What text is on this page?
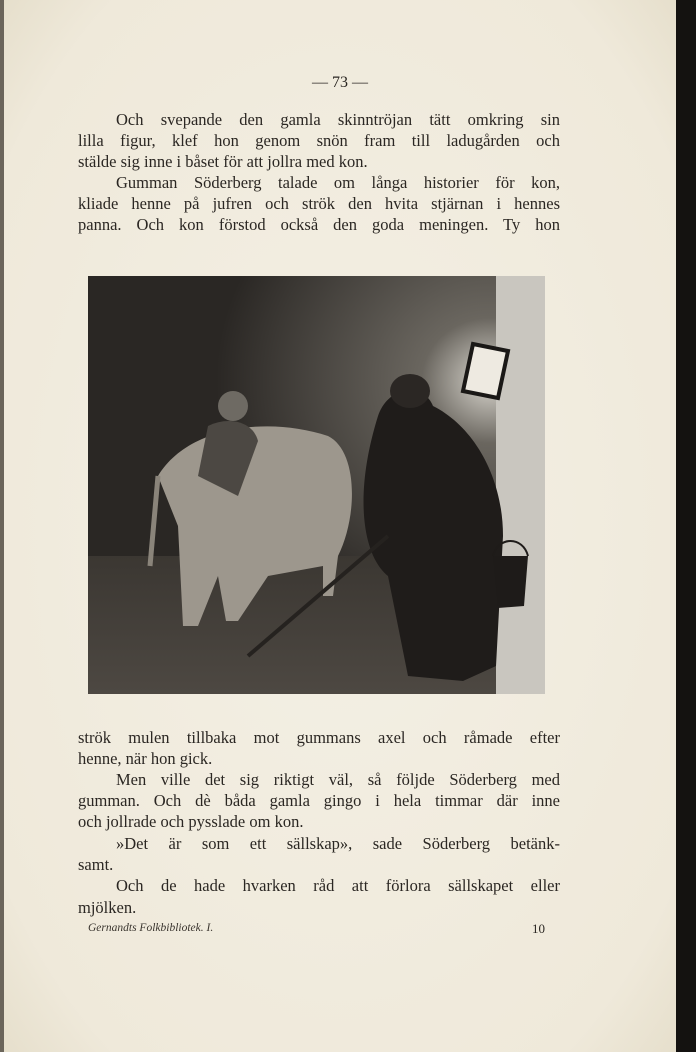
— 73 —
Och svepande den gamla skinntröjan tätt omkring sin
lilla figur, klef hon genom snön fram till ladugården och
stälde sig inne i båset för att jollra med kon.
Gumman Söderberg talade om långa historier för kon,
kliade henne på jufren och strök den hvita stjärnan i hennes
panna. Och kon förstod också den goda meningen. Ty hon
strök mulen tillbaka mot gummans axel och råmade efter
henne, när hon gick.
Men ville det sig riktigt väl, så följde Söderberg med
gumman. Och dè båda gamla gingo i hela timmar där inne
och jollrade och pysslade om kon.
»Det är som ett sällskap», sade Söderberg betänk-
samt.
Och de hade hvarken råd att förlora sällskapet eller
mjölken.
Gernandts Folkbibliotek. I.	10
